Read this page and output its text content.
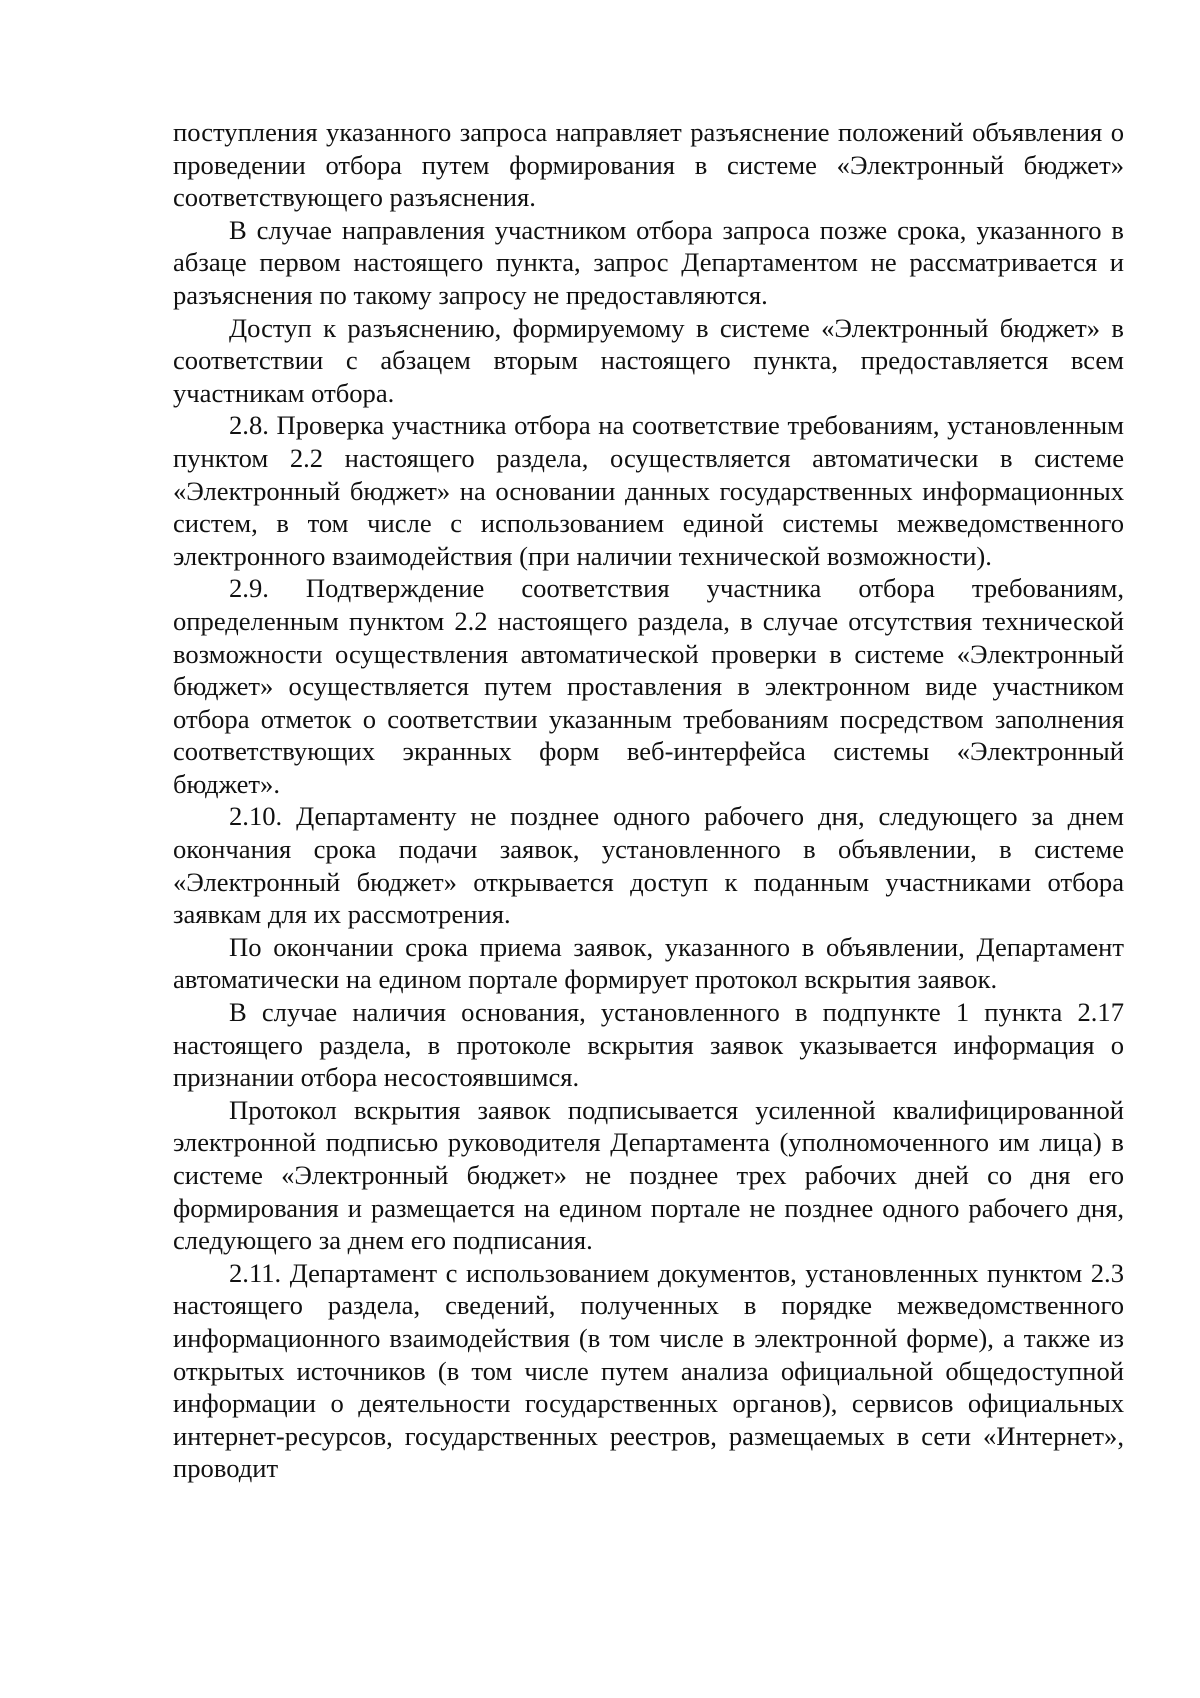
поступления указанного запроса направляет разъяснение положений объявления о проведении отбора путем формирования в системе «Электронный бюджет» соответствующего разъяснения.

В случае направления участником отбора запроса позже срока, указанного в абзаце первом настоящего пункта, запрос Департаментом не рассматривается и разъяснения по такому запросу не предоставляются.

Доступ к разъяснению, формируемому в системе «Электронный бюджет» в соответствии с абзацем вторым настоящего пункта, предоставляется всем участникам отбора.

2.8. Проверка участника отбора на соответствие требованиям, установленным пунктом 2.2 настоящего раздела, осуществляется автоматически в системе «Электронный бюджет» на основании данных государственных информационных систем, в том числе с использованием единой системы межведомственного электронного взаимодействия (при наличии технической возможности).

2.9. Подтверждение соответствия участника отбора требованиям, определенным пунктом 2.2 настоящего раздела, в случае отсутствия технической возможности осуществления автоматической проверки в системе «Электронный бюджет» осуществляется путем проставления в электронном виде участником отбора отметок о соответствии указанным требованиям посредством заполнения соответствующих экранных форм веб-интерфейса системы «Электронный бюджет».

2.10. Департаменту не позднее одного рабочего дня, следующего за днем окончания срока подачи заявок, установленного в объявлении, в системе «Электронный бюджет» открывается доступ к поданным участниками отбора заявкам для их рассмотрения.

По окончании срока приема заявок, указанного в объявлении, Департамент автоматически на едином портале формирует протокол вскрытия заявок.

В случае наличия основания, установленного в подпункте 1 пункта 2.17 настоящего раздела, в протоколе вскрытия заявок указывается информация о признании отбора несостоявшимся.

Протокол вскрытия заявок подписывается усиленной квалифицированной электронной подписью руководителя Департамента (уполномоченного им лица) в системе «Электронный бюджет» не позднее трех рабочих дней со дня его формирования и размещается на едином портале не позднее одного рабочего дня, следующего за днем его подписания.

2.11. Департамент с использованием документов, установленных пунктом 2.3 настоящего раздела, сведений, полученных в порядке межведомственного информационного взаимодействия (в том числе в электронной форме), а также из открытых источников (в том числе путем анализа официальной общедоступной информации о деятельности государственных органов), сервисов официальных интернет-ресурсов, государственных реестров, размещаемых в сети «Интернет», проводит
